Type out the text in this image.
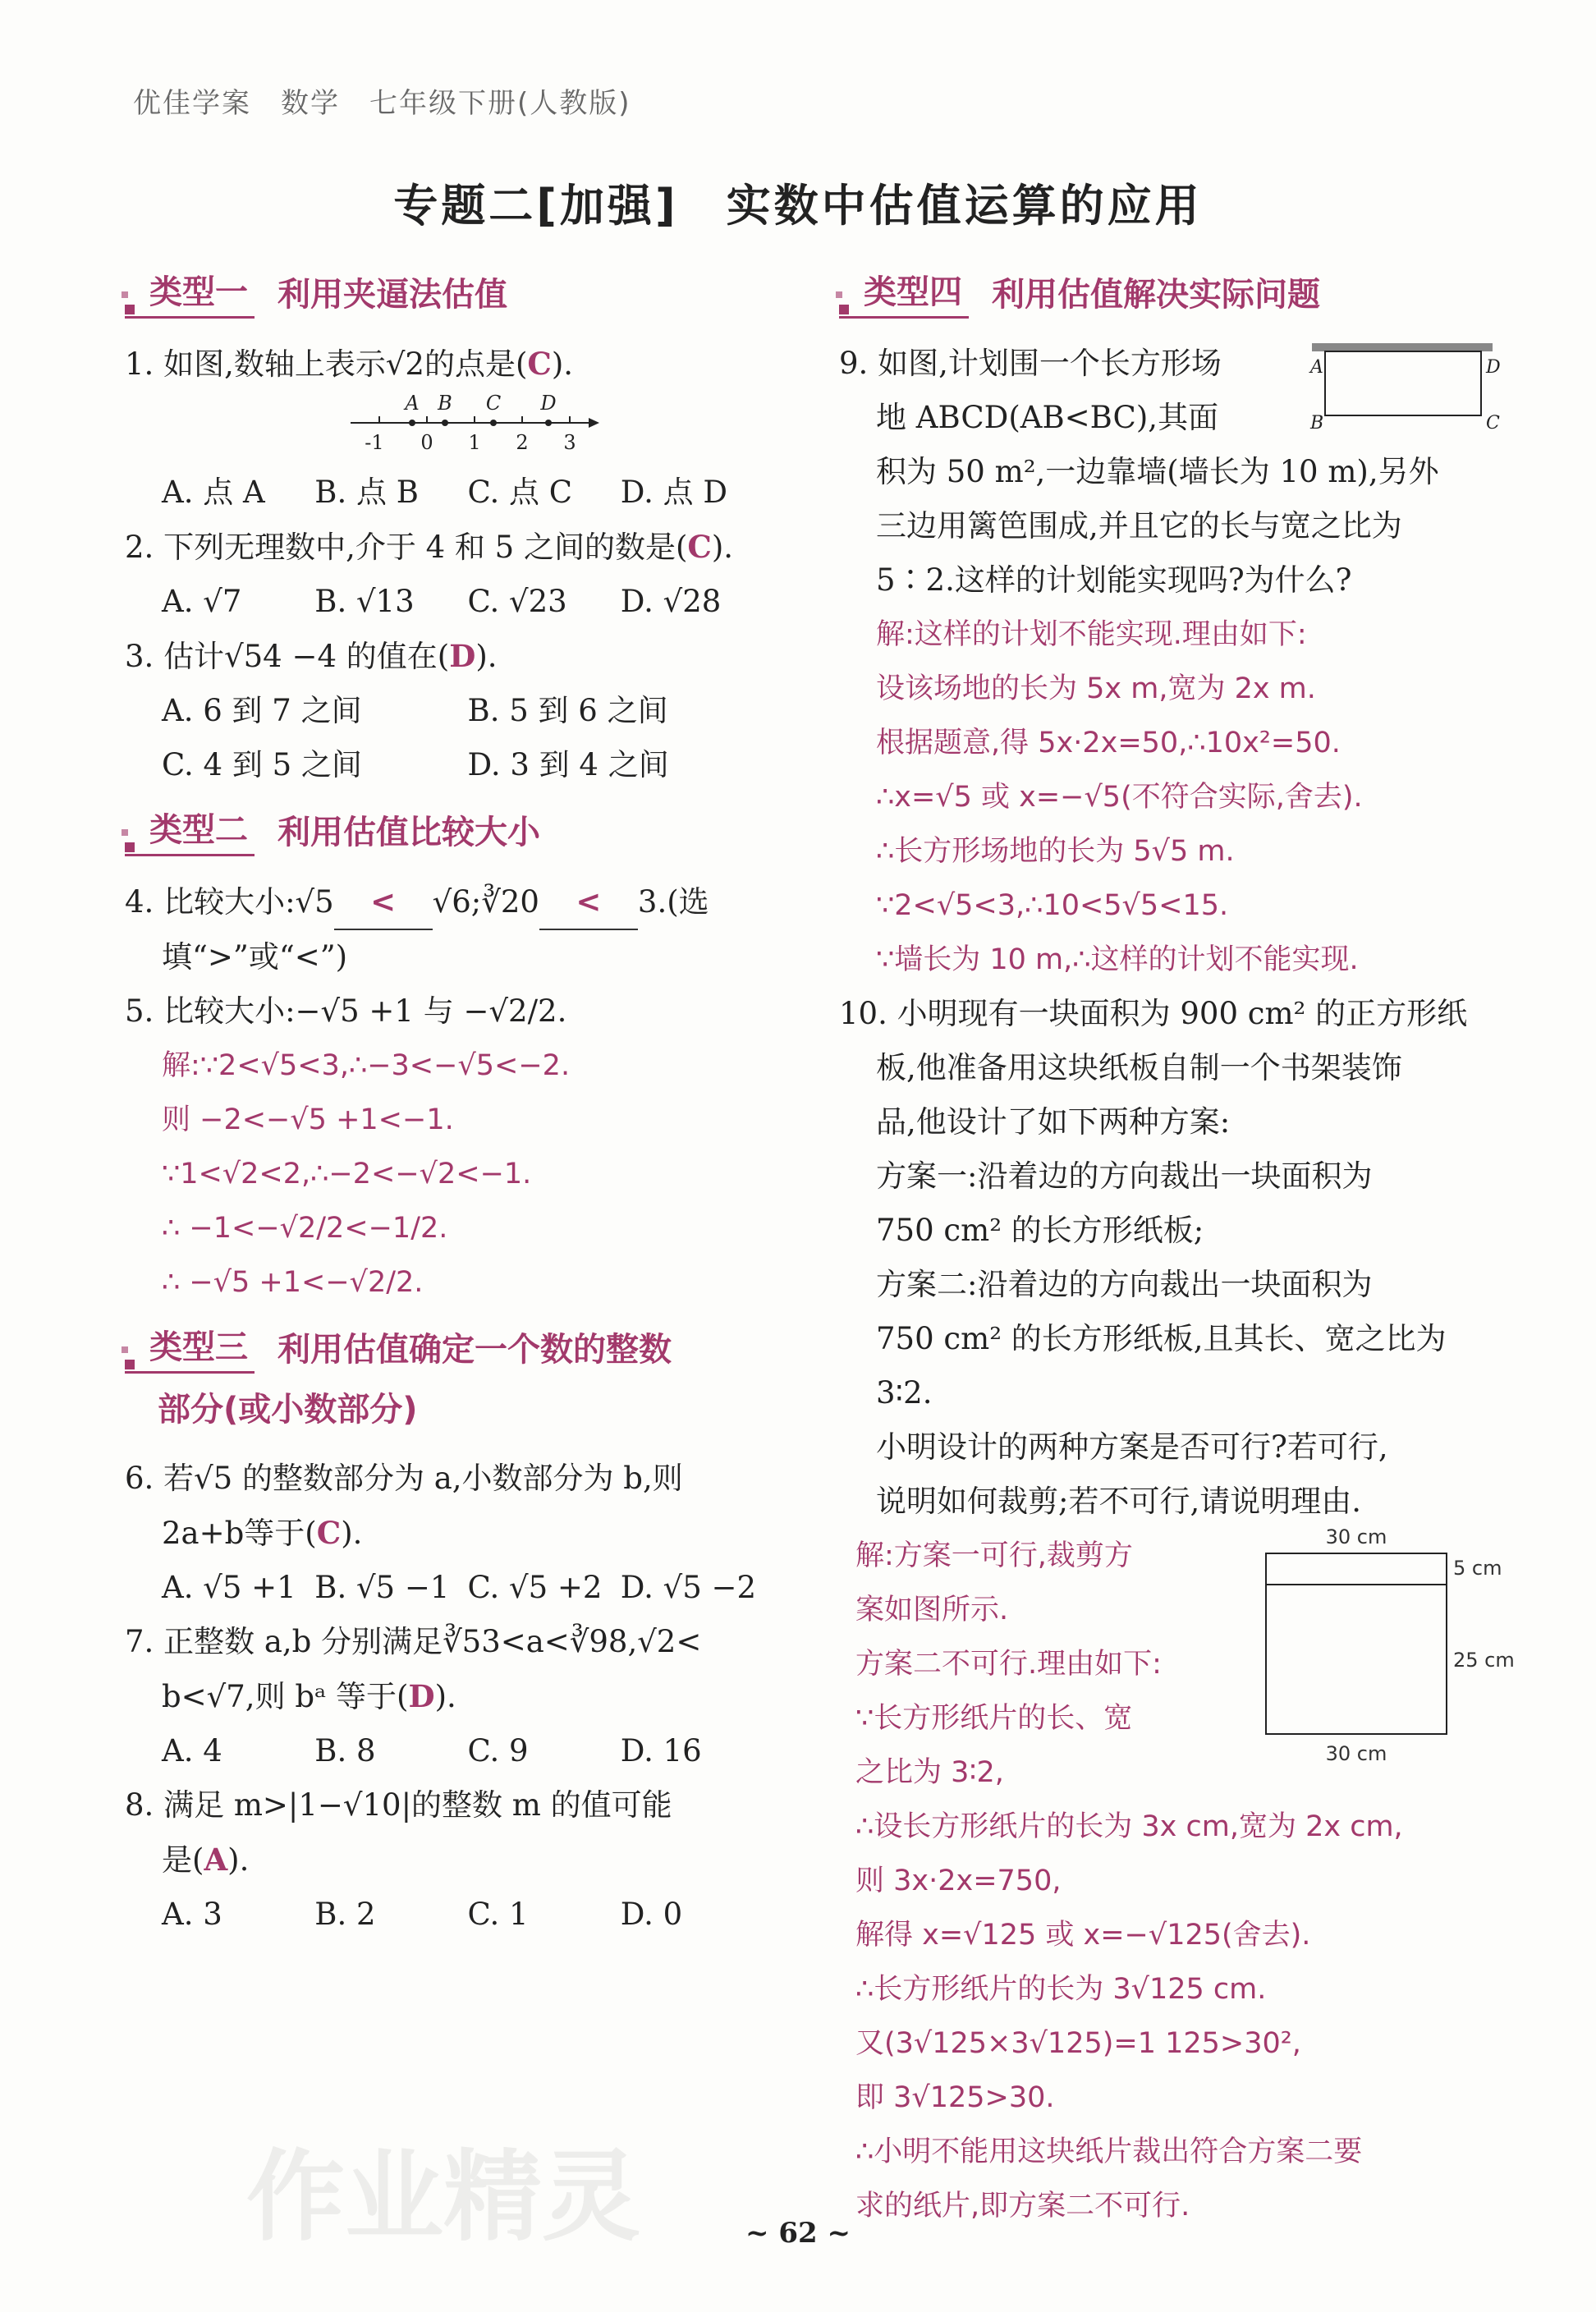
优佳学案　数学　七年级下册(人教版)
专题二[加强]　实数中估值运算的应用
类型一 利用夹逼法估值
1. 如图,数轴上表示√2的点是(C).
A B C D
-1 0 1 2 3
A. 点 A	B. 点 B	C. 点 C	D. 点 D
2. 下列无理数中,介于 4 和 5 之间的数是(C).
A. √7	B. √13	C. √23	D. √28
3. 估计√54 −4 的值在(D).
A. 6 到 7 之间	B. 5 到 6 之间
C. 4 到 5 之间	D. 3 到 4 之间
类型二 利用估值比较大小
4. 比较大小:√5 < √6;∛20 < 3.(选
填“>”或“<”)
5. 比较大小:−√5 +1 与 −√2/2.
解:∵2<√5<3,∴−3<−√5<−2.
则 −2<−√5 +1<−1.
∵1<√2<2,∴−2<−√2<−1.
∴ −1<−√2/2<−1/2.
∴ −√5 +1<−√2/2.
类型三 利用估值确定一个数的整数
部分(或小数部分)
6. 若√5 的整数部分为 a,小数部分为 b,则
2a+b等于(C).
A. √5 +1 B. √5 −1 C. √5 +2 D. √5 −2
7. 正整数 a,b 分别满足∛53<a<∛98,√2<
b<√7,则 bᵃ 等于(D).
A. 4	B. 8	C. 9	D. 16
8. 满足 m>|1−√10|的整数 m 的值可能
是(A).
A. 3	B. 2	C. 1	D. 0
类型四 利用估值解决实际问题
A	D
B	C
9. 如图,计划围一个长方形场
地 ABCD(AB<BC),其面
积为 50 m²,一边靠墙(墙长为 10 m),另外
三边用篱笆围成,并且它的长与宽之比为
5∶2.这样的计划能实现吗?为什么?
解:这样的计划不能实现.理由如下:
设该场地的长为 5x m,宽为 2x m.
根据题意,得 5x·2x=50,∴10x²=50.
∴x=√5 或 x=−√5(不符合实际,舍去).
∴长方形场地的长为 5√5 m.
∵2<√5<3,∴10<5√5<15.
∵墙长为 10 m,∴这样的计划不能实现.
10. 小明现有一块面积为 900 cm² 的正方形纸
板,他准备用这块纸板自制一个书架装饰
品,他设计了如下两种方案:
方案一:沿着边的方向裁出一块面积为
750 cm² 的长方形纸板;
方案二:沿着边的方向裁出一块面积为
750 cm² 的长方形纸板,且其长、宽之比为
3∶2.
小明设计的两种方案是否可行?若可行,
说明如何裁剪;若不可行,请说明理由.
30 cm
5 cm
25 cm
30 cm
解:方案一可行,裁剪方
案如图所示.
方案二不可行.理由如下:
∵长方形纸片的长、宽
之比为 3∶2,
∴设长方形纸片的长为 3x cm,宽为 2x cm,
则 3x·2x=750,
解得 x=√125 或 x=−√125(舍去).
∴长方形纸片的长为 3√125 cm.
又(3√125×3√125)=1 125>30²,
即 3√125>30.
∴小明不能用这块纸片裁出符合方案二要
求的纸片,即方案二不可行.
作业精灵	~ 62 ~
